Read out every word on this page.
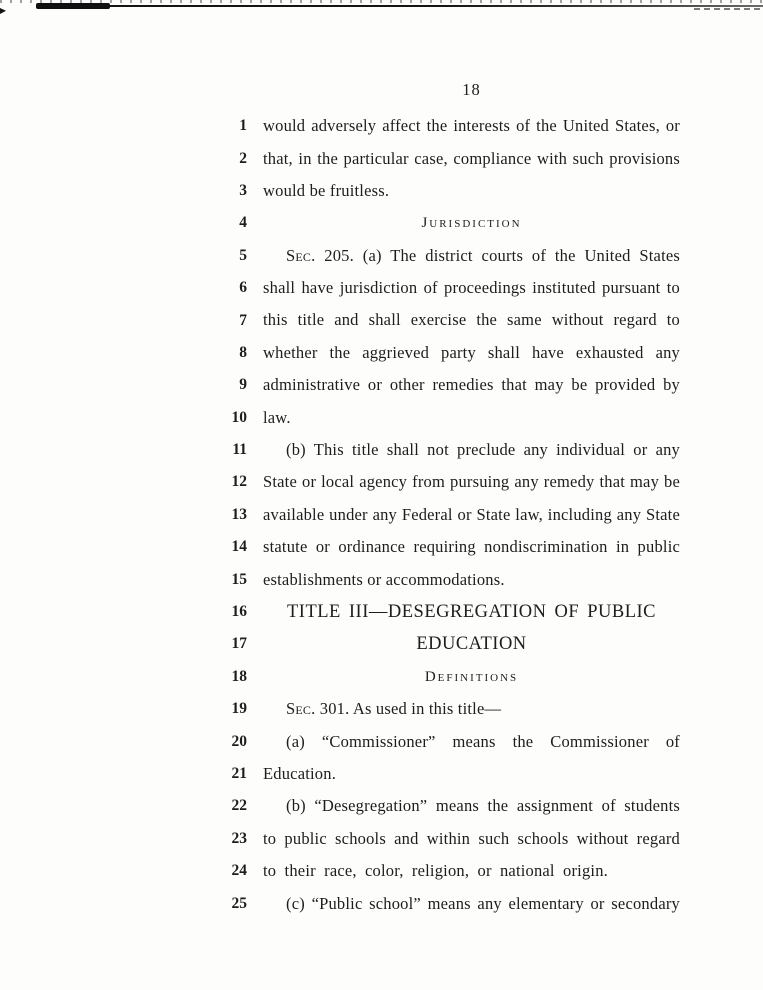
18
1 would adversely affect the interests of the United States, or
2 that, in the particular case, compliance with such provisions
3 would be fruitless.
4	Jurisdiction
5	Sec. 205. (a) The district courts of the United States
6 shall have jurisdiction of proceedings instituted pursuant to
7 this title and shall exercise the same without regard to
8 whether the aggrieved party shall have exhausted any
9 administrative or other remedies that may be provided by
10 law.
11	(b) This title shall not preclude any individual or any
12 State or local agency from pursuing any remedy that may be
13 available under any Federal or State law, including any State
14 statute or ordinance requiring nondiscrimination in public
15 establishments or accommodations.
16	TITLE III—DESEGREGATION OF PUBLIC
17	EDUCATION
18	Definitions
19	Sec. 301. As used in this title—
20	(a) “Commissioner” means the Commissioner of
21 Education.
22	(b) “Desegregation” means the assignment of students
23 to public schools and within such schools without regard
24 to their race, color, religion, or national origin.
25	(c) “Public school” means any elementary or secondary
